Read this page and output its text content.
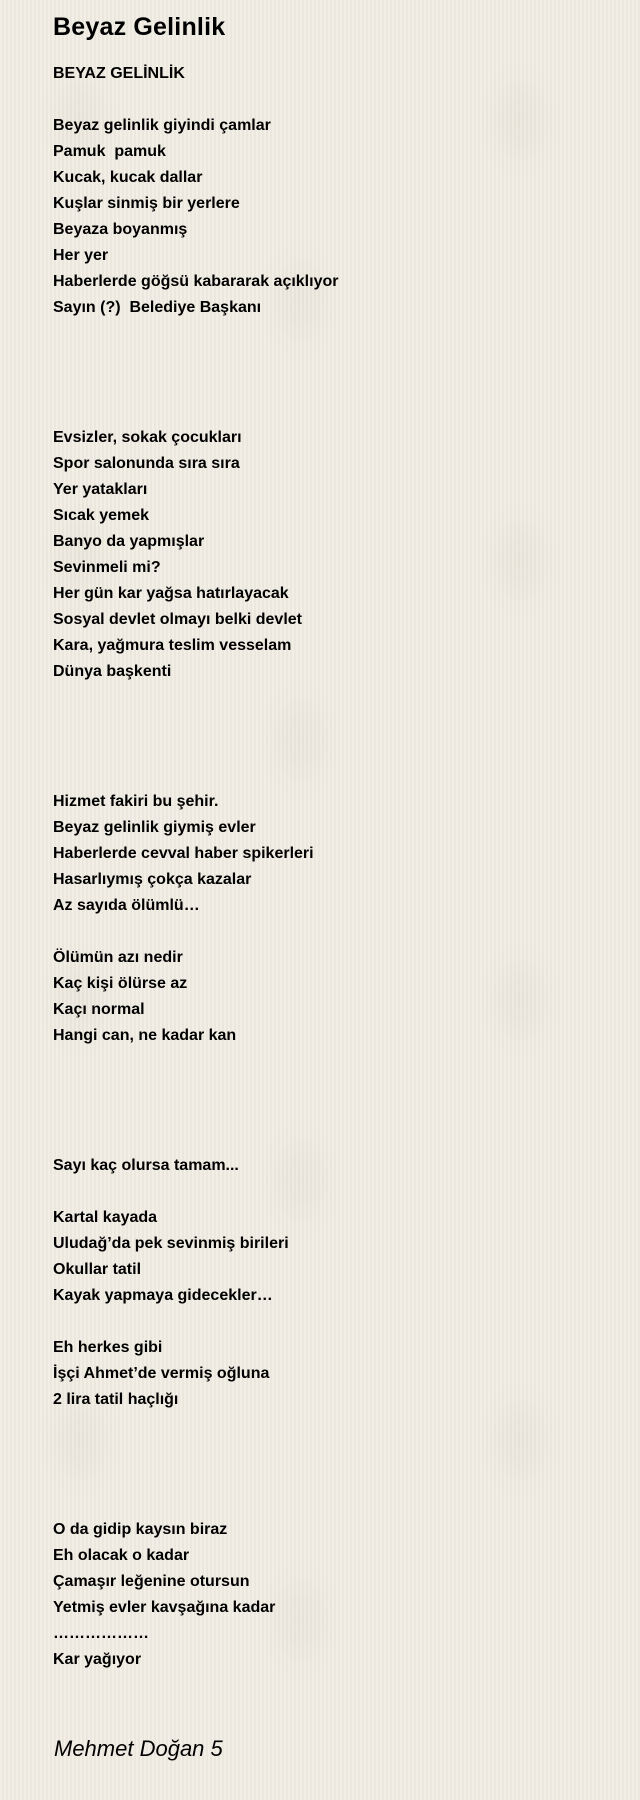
Beyaz Gelinlik
BEYAZ GELİNLİK
Beyaz gelinlik giyindi çamlar
Pamuk  pamuk
Kucak, kucak dallar
Kuşlar sinmiş bir yerlere
Beyaza boyanmış
Her yer
Haberlerde göğsü kabararak açıklıyor
Sayın (?)  Belediye Başkanı
Evsizler, sokak çocukları
Spor salonunda sıra sıra
Yer yatakları
Sıcak yemek
Banyo da yapmışlar
Sevinmeli mi?
Her gün kar yağsa hatırlayacak
Sosyal devlet olmayı belki devlet
Kara, yağmura teslim vesselam
Dünya başkenti
Hizmet fakiri bu şehir.
Beyaz gelinlik giymiş evler
Haberlerde cevval haber spikerleri
Hasarlıymış çokça kazalar
Az sayıda ölümlü…
Ölümün azı nedir
Kaç kişi ölürse az
Kaçı normal
Hangi can, ne kadar kan
Sayı kaç olursa tamam...
Kartal kayada
Uludağ’da pek sevinmiş birileri
Okullar tatil
Kayak yapmaya gidecekler…
Eh herkes gibi
İşçi Ahmet’de vermiş oğluna
2 lira tatil haçlığı
O da gidip kaysın biraz
Eh olacak o kadar
Çamaşır leğenine otursun
Yetmiş evler kavşağına kadar
………………
Kar yağıyor
Mehmet Doğan 5
